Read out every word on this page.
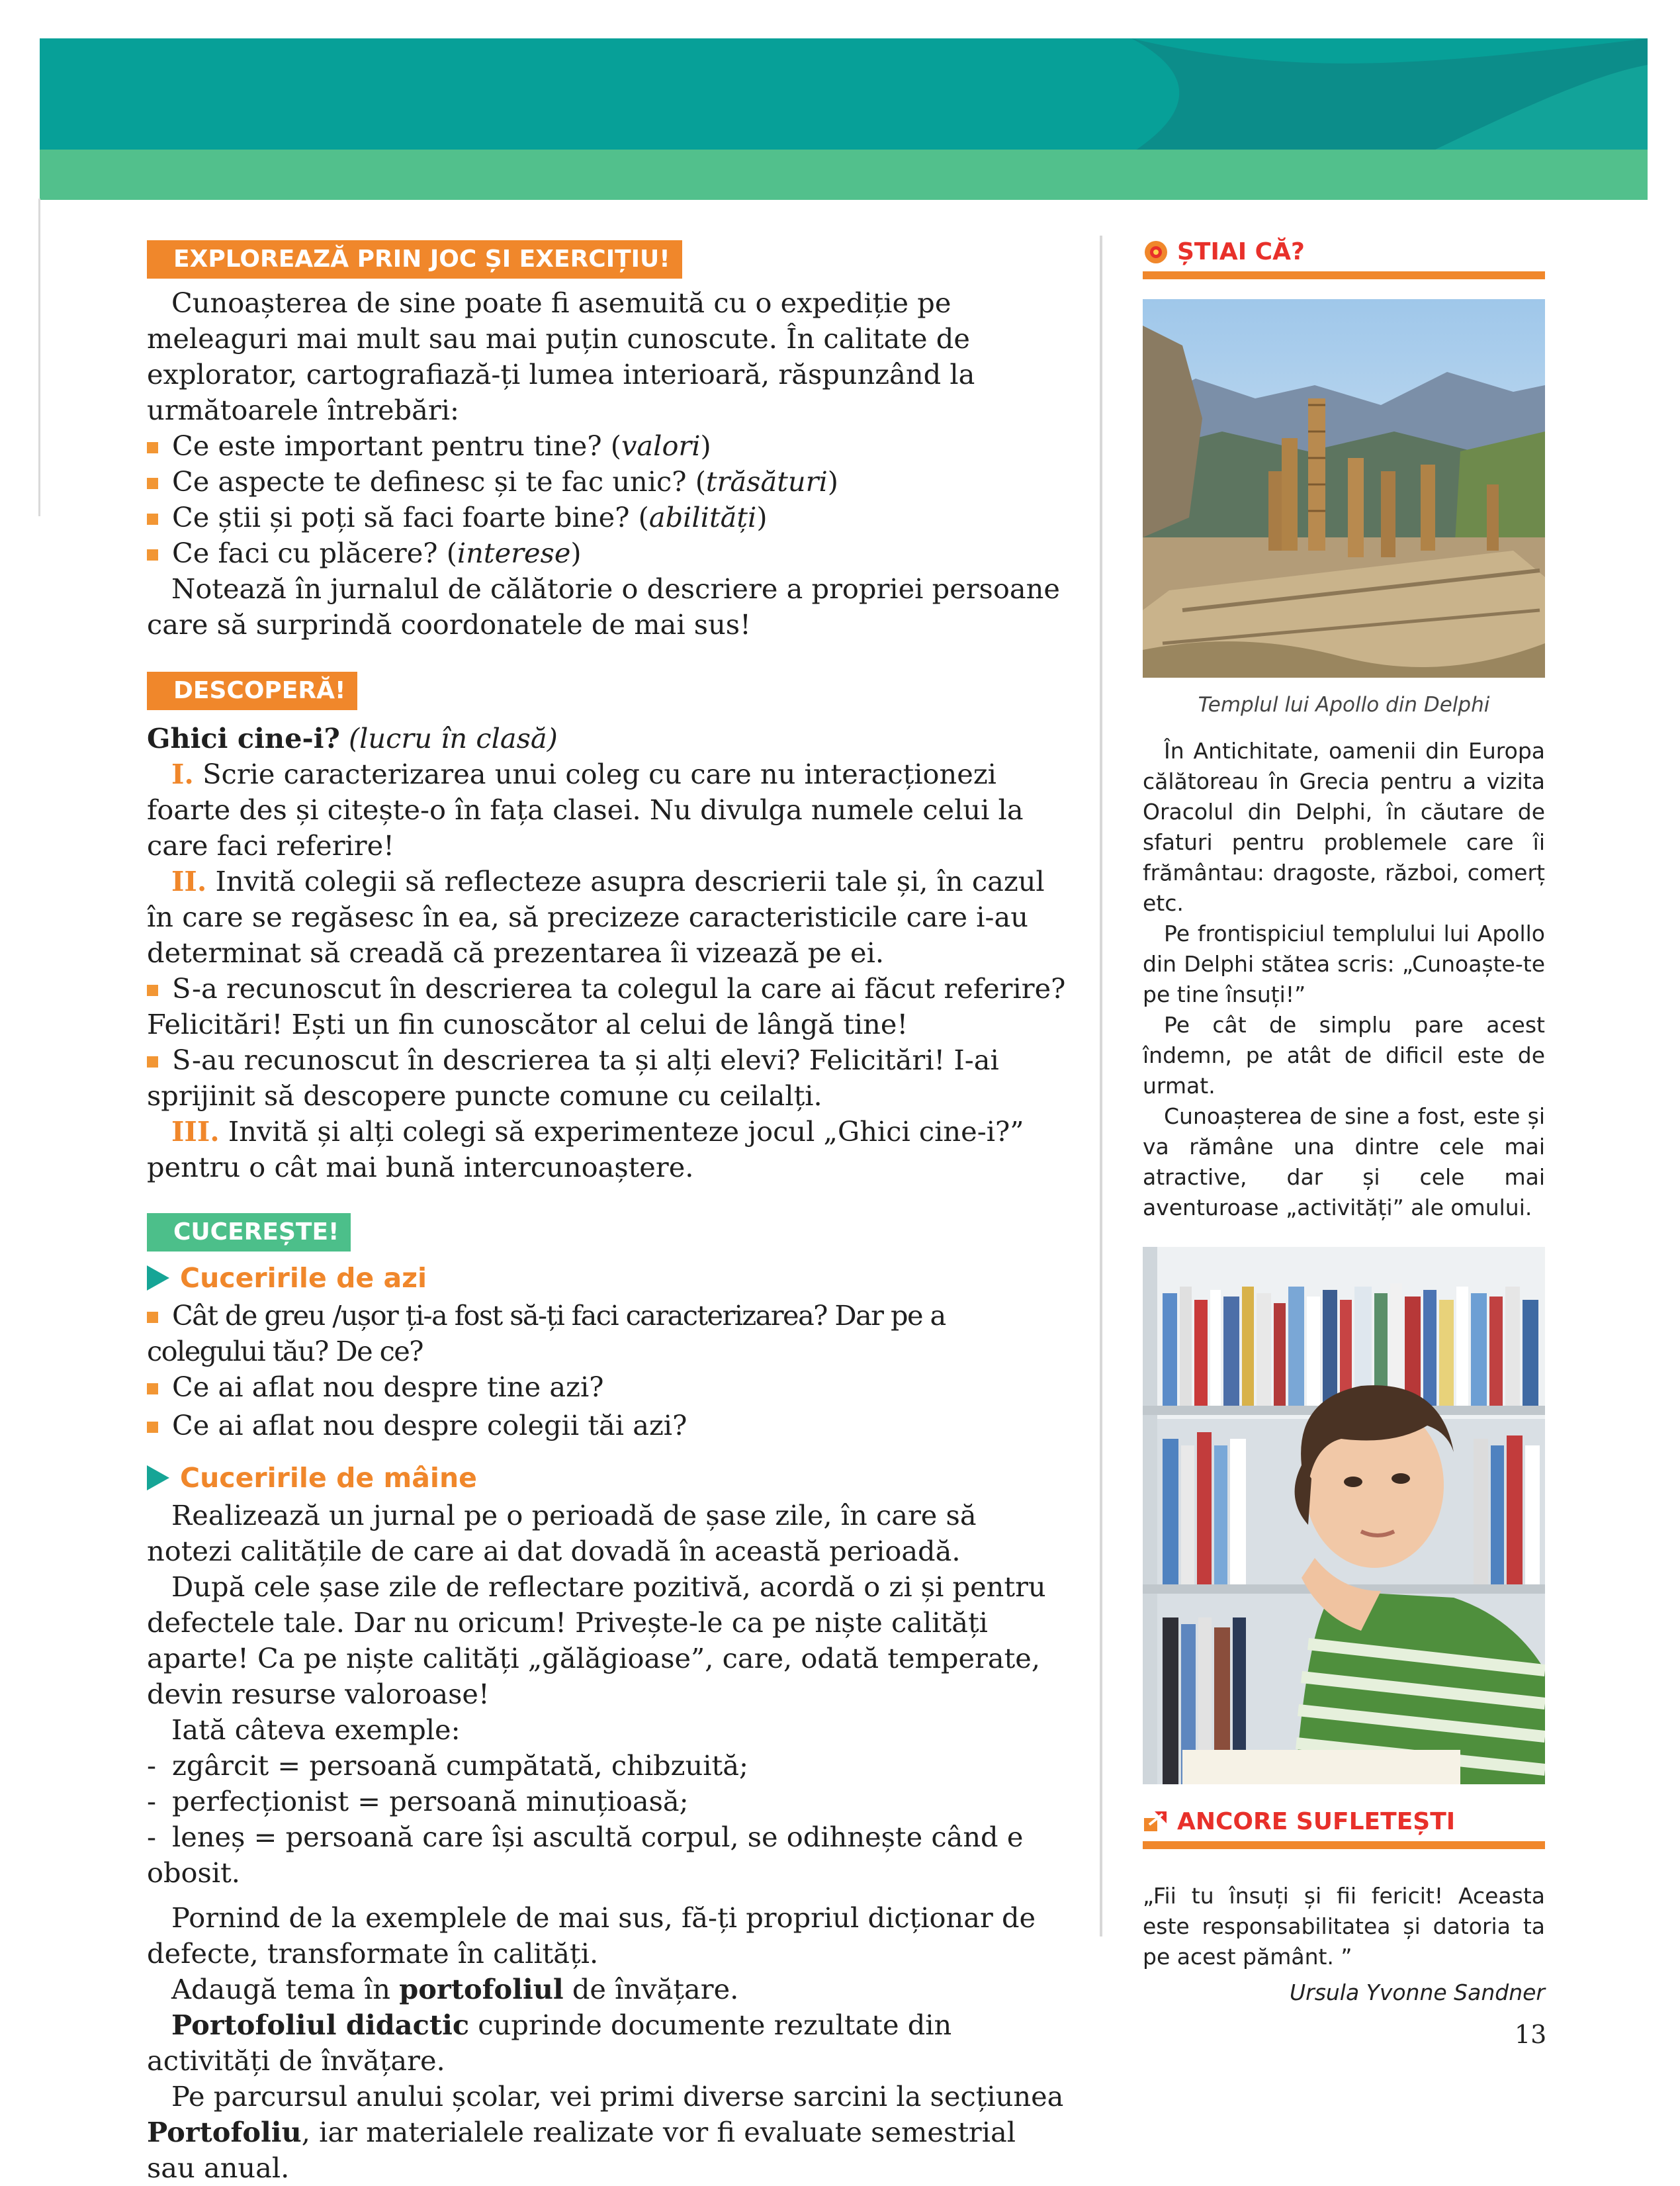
EXPLOREAZĂ PRIN JOC ȘI EXERCIȚIU!

Cunoașterea de sine poate fi asemuită cu o expediție pe meleaguri mai mult sau mai puțin cunoscute. În calitate de explorator, cartografiază-ți lumea interioară, răspunzând la următoarele întrebări:

Ce este important pentru tine? (valori)

Ce aspecte te definesc și te fac unic? (trăsături)

Ce știi și poți să faci foarte bine? (abilități)

Ce faci cu plăcere? (interese)

Notează în jurnalul de călătorie o descriere a propriei persoane care să surprindă coordonatele de mai sus!

DESCOPERĂ!

Ghici cine-i? (lucru în clasă)

I. Scrie caracterizarea unui coleg cu care nu interacționezi foarte des și citește-o în fața clasei. Nu divulga numele celui la care faci referire!

II. Invită colegii să reflecteze asupra descrierii tale și, în cazul în care se regăsesc în ea, să precizeze caracteristicile care i-au determinat să creadă că prezentarea îi vizează pe ei.

S-a recunoscut în descrierea ta colegul la care ai făcut referire? Felicitări! Ești un fin cunoscător al celui de lângă tine!

S-au recunoscut în descrierea ta și alți elevi? Felicitări! I-ai sprijinit să descopere puncte comune cu ceilalți.

III. Invită și alți colegi să experimenteze jocul „Ghici cine-i?” pentru o cât mai bună intercunoaștere.

CUCEREȘTE!
Cuceririle de azi

Cât de greu /ușor ți-a fost să-ți faci caracterizarea? Dar pe a colegului tău? De ce?

Ce ai aflat nou despre tine azi?

Ce ai aflat nou despre colegii tăi azi?

Cuceririle de mâine

Realizează un jurnal pe o perioadă de șase zile, în care să notezi calitățile de care ai dat dovadă în această perioadă.

După cele șase zile de reflectare pozitivă, acordă o zi și pentru defectele tale. Dar nu oricum! Privește-le ca pe niște calități aparte! Ca pe niște calități „gălăgioase”, care, odată temperate, devin resurse valoroase!

Iată câteva exemple:

- zgârcit = persoană cumpătată, chibzuită;

- perfecționist = persoană minuțioasă;

- leneș = persoană care își ascultă corpul, se odihnește când e obosit.

Pornind de la exemplele de mai sus, fă-ți propriul dicționar de defecte, transformate în calități.

Adaugă tema în portofoliul de învățare.

Portofoliul didactic cuprinde documente rezultate din activități de învățare.

Pe parcursul anului școlar, vei primi diverse sarcini la secțiunea Portofoliu, iar materialele realizate vor fi evaluate semestrial sau anual.

ȘTIAI CĂ?
Templul lui Apollo din Delphi

În Antichitate, oamenii din Europa călătoreau în Grecia pentru a vizita Oracolul din Delphi, în căutare de sfaturi pentru problemele care îi frământau: dragoste, război, comerț etc.

Pe frontispiciul templului lui Apollo din Delphi stătea scris: „Cunoaște-te pe tine însuți!”

Pe cât de simplu pare acest îndemn, pe atât de dificil este de urmat.

Cunoașterea de sine a fost, este și va rămâne una dintre cele mai atractive, dar și cele mai aventuroase „activități” ale omului.

ANCORE SUFLETEȘTI
„Fii tu însuți și fii fericit! Aceasta este responsabilitatea și datoria ta pe acest pământ. ”
Ursula Yvonne Sandner
13
